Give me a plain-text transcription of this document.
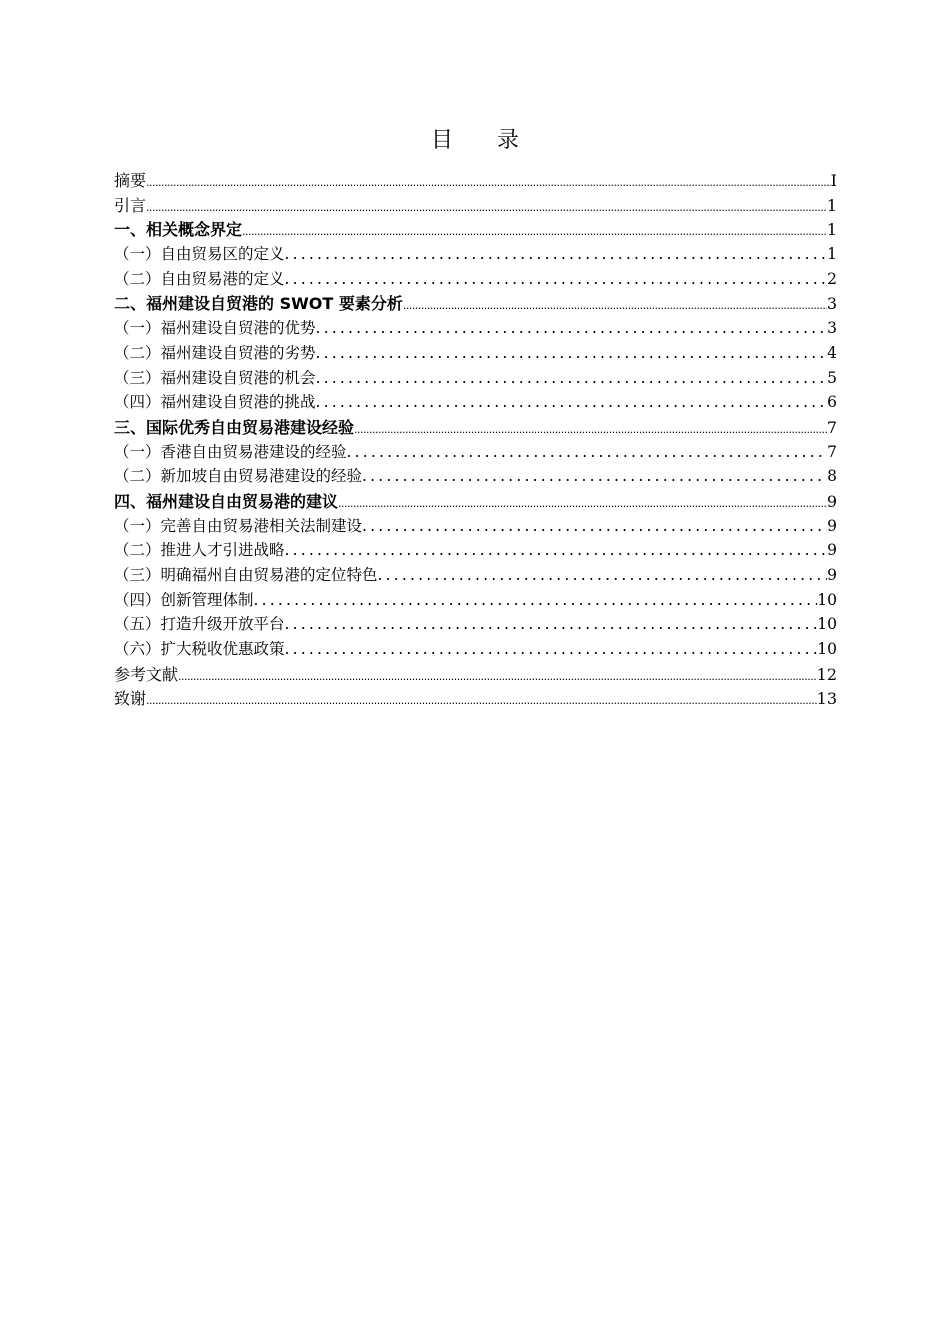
目　　录
摘要 .....	I
引言 .....	1
一、相关概念界定 .....	1
（一）自由贸易区的定义 .....	1
（二）自由贸易港的定义 .....	2
二、福州建设自贸港的 SWOT 要素分析 .....	3
（一）福州建设自贸港的优势 .....	3
（二）福州建设自贸港的劣势 .....	4
（三）福州建设自贸港的机会 .....	5
（四）福州建设自贸港的挑战 .....	6
三、国际优秀自由贸易港建设经验 .....	7
（一）香港自由贸易港建设的经验 .....	7
（二）新加坡自由贸易港建设的经验 .....	8
四、福州建设自由贸易港的建议 .....	9
（一）完善自由贸易港相关法制建设 .....	9
（二）推进人才引进战略 .....	9
（三）明确福州自由贸易港的定位特色 .....	9
（四）创新管理体制 .....	10
（五）打造升级开放平台 .....	10
（六）扩大税收优惠政策 .....	10
参考文献 .....	12
致谢 .....	13
